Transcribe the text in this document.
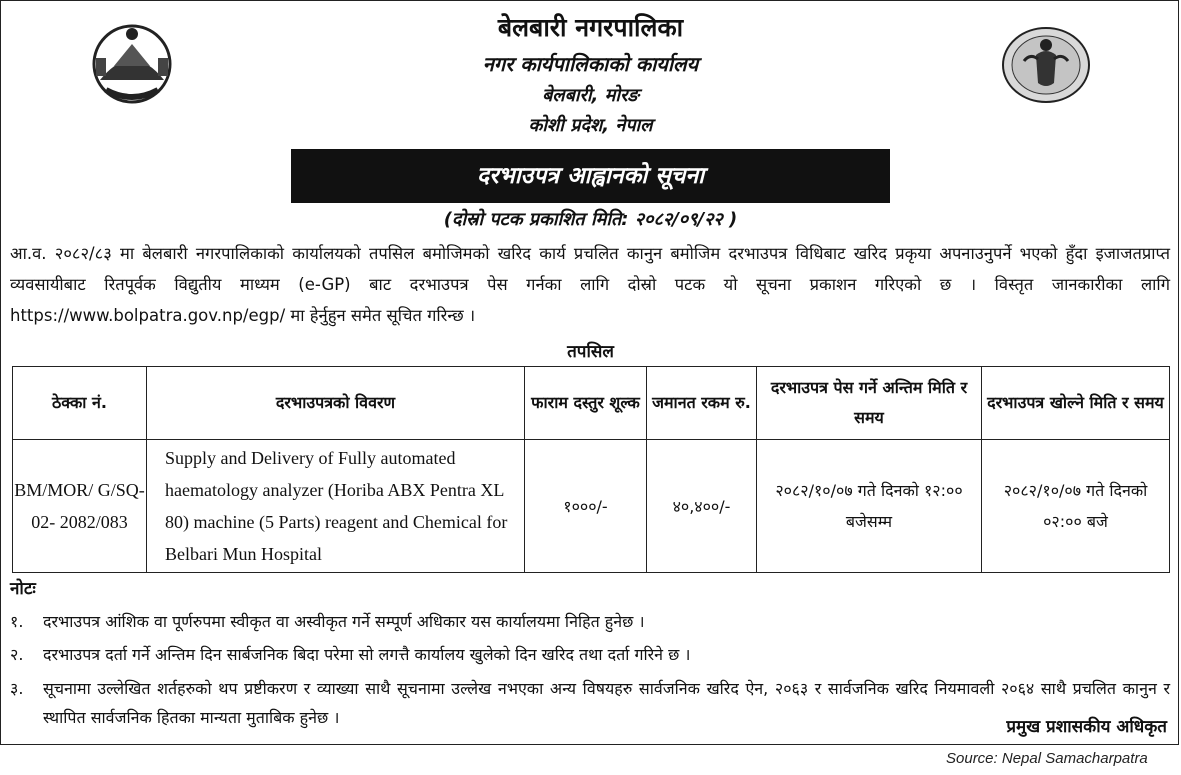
बेलबारी नगरपालिका
नगर कार्यपालिकाको कार्यालय
बेलबारी, मोरङ
कोशी प्रदेश, नेपाल
दरभाउपत्र आह्वानको सूचना
(दोस्रो पटक प्रकाशित मिति: २०८२/०९/२२ )
आ.व. २०८२/८३ मा बेलबारी नगरपालिकाको कार्यालयको तपसिल बमोजिमको खरिद कार्य प्रचलित कानुन बमोजिम दरभाउपत्र विधिबाट खरिद प्रकृया अपनाउनुपर्ने भएको हुँदा इजाजतप्राप्त व्यवसायीबाट रितपूर्वक विद्युतीय माध्यम (e-GP) बाट दरभाउपत्र पेस गर्नका लागि दोस्रो पटक यो सूचना प्रकाशन गरिएको छ । विस्तृत जानकारीका लागि https://www.bolpatra.gov.np/egp/ मा हेर्नुहुन समेत सूचित गरिन्छ ।
तपसिल
ठेक्का नं.	दरभाउपत्रको विवरण	फाराम दस्तुर शूल्क	जमानत रकम रु.	दरभाउपत्र पेस गर्ने अन्तिम मिति र समय	दरभाउपत्र खोल्ने मिति र समय
BM/MOR/ G/SQ-02- 2082/083	Supply and Delivery of Fully automated haematology analyzer (Horiba ABX Pentra XL 80) machine (5 Parts) reagent and Chemical for Belbari Mun Hospital	१०००/-	४०,४००/-	२०८२/१०/०७ गते दिनको १२:०० बजेसम्म	२०८२/१०/०७ गते दिनको ०२:०० बजे
नोटः
१. दरभाउपत्र आंशिक वा पूर्णरुपमा स्वीकृत वा अस्वीकृत गर्ने सम्पूर्ण अधिकार यस कार्यालयमा निहित हुनेछ ।
२. दरभाउपत्र दर्ता गर्ने अन्तिम दिन सार्बजनिक बिदा परेमा सो लगत्तै कार्यालय खुलेको दिन खरिद तथा दर्ता गरिने छ ।
३. सूचनामा उल्लेखित शर्तहरुको थप प्रष्टीकरण र व्याख्या साथै सूचनामा उल्लेख नभएका अन्य विषयहरु सार्वजनिक खरिद ऐन, २०६३ र सार्वजनिक खरिद नियमावली २०६४ साथै प्रचलित कानुन र स्थापित सार्वजनिक हितका मान्यता मुताबिक हुनेछ ।	प्रमुख प्रशासकीय अधिकृत
Source: Nepal Samacharpatra
